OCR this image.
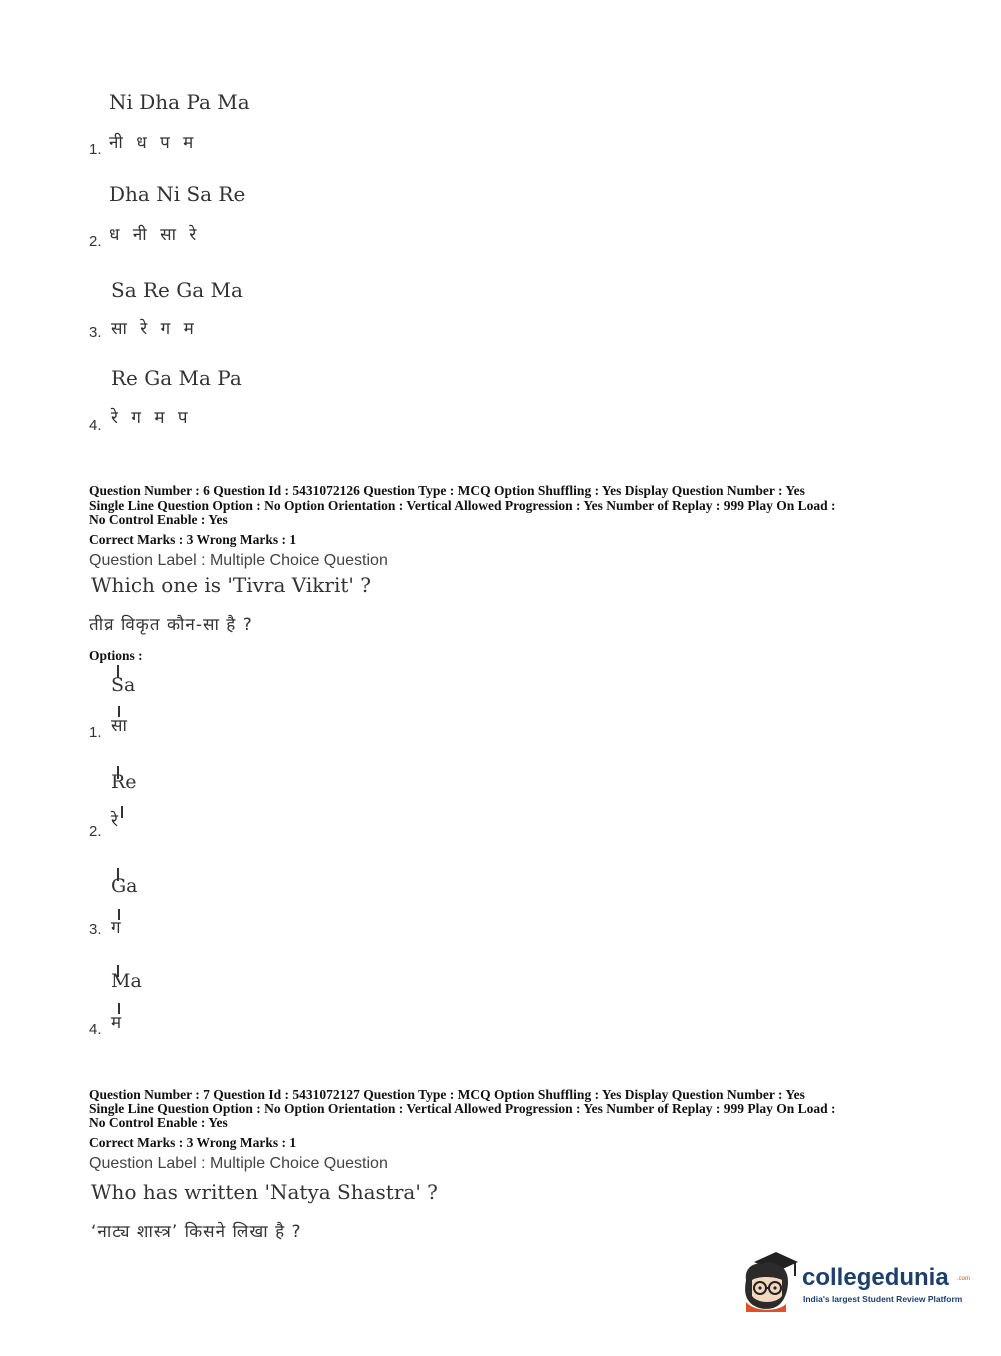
Ni Dha Pa Ma
1. नी ध प म
Dha Ni Sa Re
2. ध नी सा रे
Sa Re Ga Ma
3. सा रे ग म
Re Ga Ma Pa
4. रे ग म प
Question Number : 6 Question Id : 5431072126 Question Type : MCQ Option Shuffling : Yes Display Question Number : Yes
Single Line Question Option : No Option Orientation : Vertical Allowed Progression : Yes Number of Replay : 999 Play On Load :
No Control Enable : Yes
Correct Marks : 3 Wrong Marks : 1
Question Label : Multiple Choice Question
Which one is 'Tivra Vikrit' ?
तीव्र विकृत कौन-सा है ?
Options :
Sa
सा
1.
Re
रे
2.
Ga
ग
3.
Ma
म
4.
Question Number : 7 Question Id : 5431072127 Question Type : MCQ Option Shuffling : Yes Display Question Number : Yes
Single Line Question Option : No Option Orientation : Vertical Allowed Progression : Yes Number of Replay : 999 Play On Load :
No Control Enable : Yes
Correct Marks : 3 Wrong Marks : 1
Question Label : Multiple Choice Question
Who has written 'Natya Shastra' ?
‘नाट्य शास्त्र’ किसने लिखा है ?
collegedunia .com
India's largest Student Review Platform
